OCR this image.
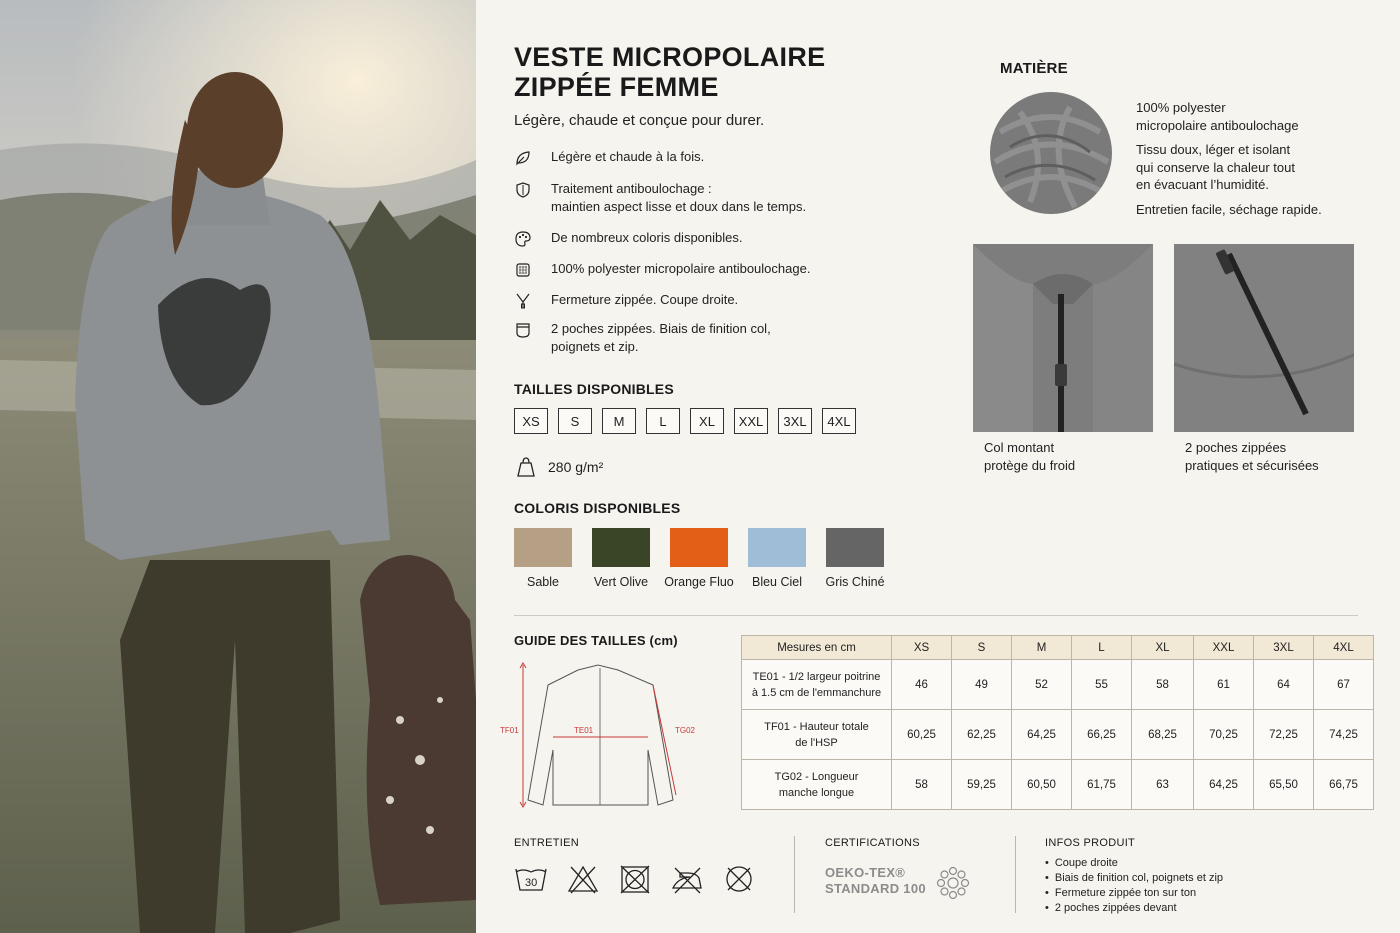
VESTE MICROPOLAIRE
ZIPPÉE FEMME
Légère, chaude et conçue pour durer.
Légère et chaude à la fois.
Traitement antiboulochage :
maintien aspect lisse et doux dans le temps.
De nombreux coloris disponibles.
100% polyester micropolaire antiboulochage.
Fermeture zippée. Coupe droite.
2 poches zippées. Biais de finition col,
poignets et zip.
TAILLES DISPONIBLES
XS	S	M	L	XL	XXL	3XL	4XL
280 g/m²
COLORIS DISPONIBLES
Sable	Vert Olive Orange Fluo Bleu Ciel Gris Chiné
MATIÈRE

100% polyester
micropolaire antiboulochage

Tissu doux, léger et isolant
qui conserve la chaleur tout
en évacuant l’humidité.

Entretien facile, séchage rapide.

Col montant
protège du froid
2 poches zippées
pratiques et sécurisées
GUIDE DES TAILLES (cm)
TF01	TE01	TG02
Mesures en cm	XS	S	M	L	XL	XXL	3XL	4XL
TE01 - 1/2 largeur poitrine
à 1.5 cm de l'emmanchure	46	49	52	55	58	61	64	67
TF01 - Hauteur totale
de l'HSP	60,25	62,25	64,25	66,25	68,25	70,25	72,25	74,25
TG02 - Longueur
manche longue	58	59,25	60,50	61,75	63	64,25	65,50	66,75
ENTRETIEN
30
CERTIFICATIONS
OEKO-TEX®
STANDARD 100
INFOS PRODUIT
• Coupe droite
• Biais de finition col, poignets et zip
• Fermeture zippée ton sur ton
• 2 poches zippées devant
